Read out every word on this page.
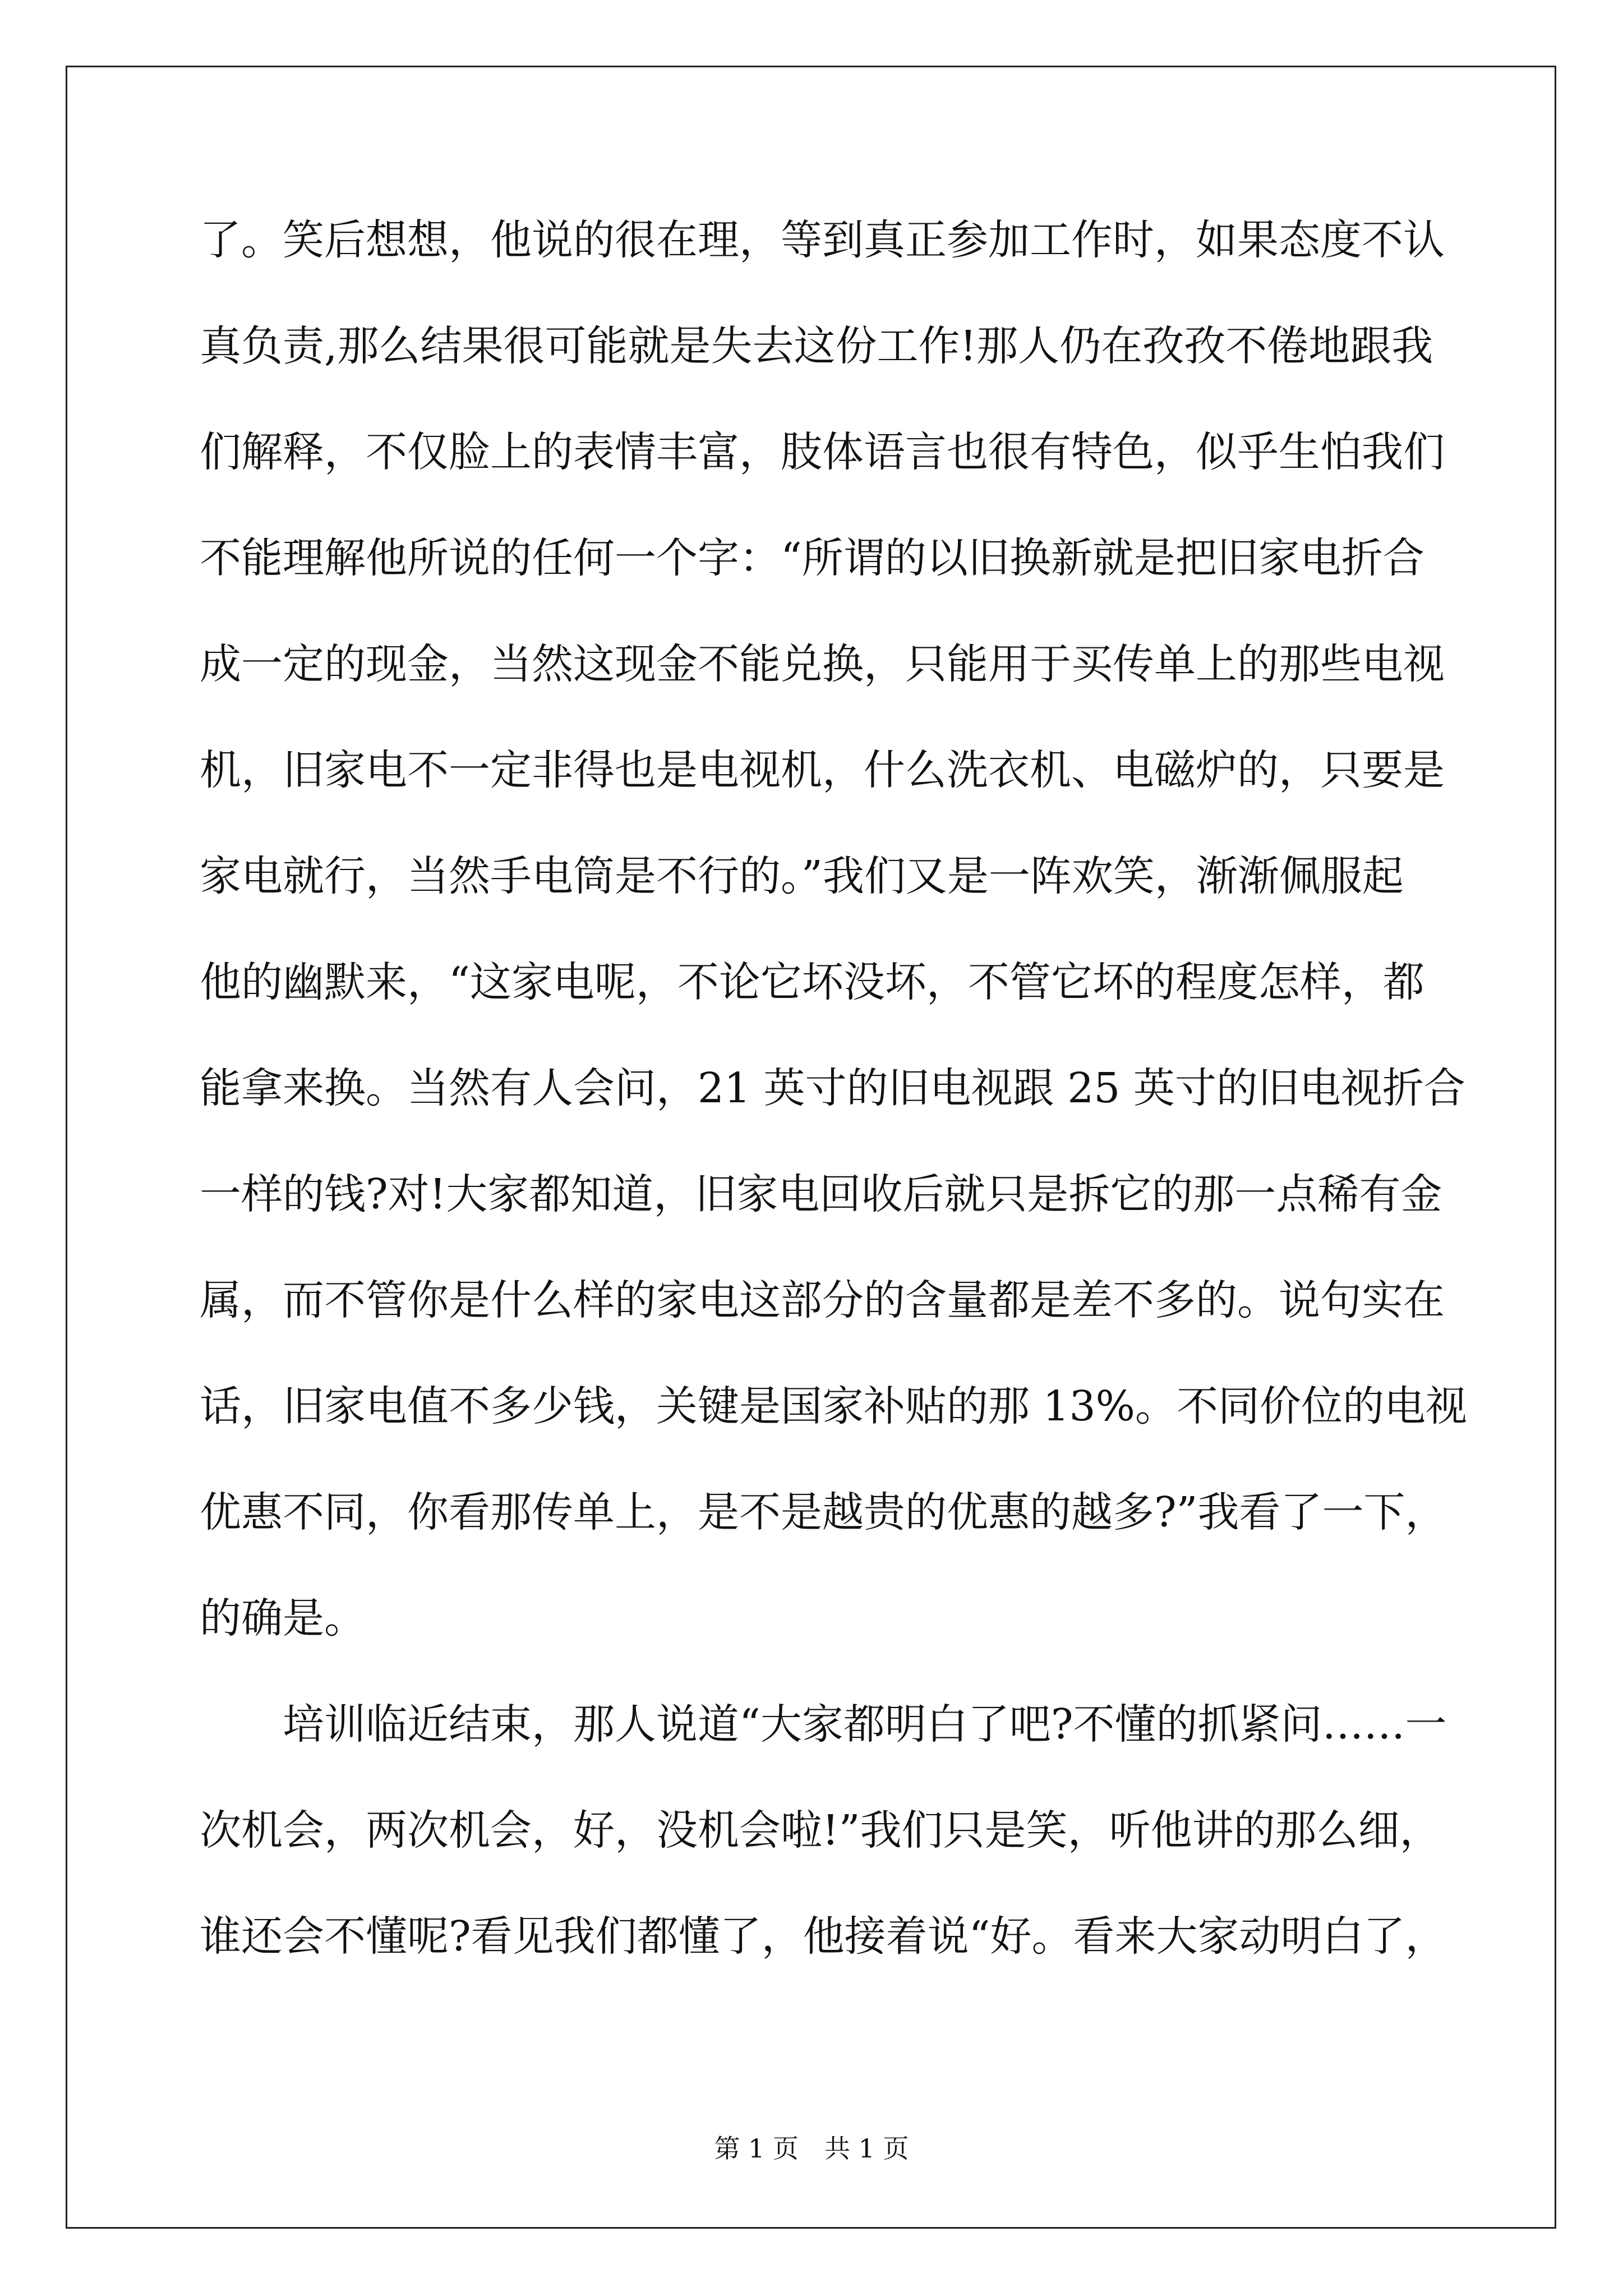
了。笑后想想，他说的很在理，等到真正参加工作时，如果态度不认
真负责,那么结果很可能就是失去这份工作!那人仍在孜孜不倦地跟我
们解释，不仅脸上的表情丰富，肢体语言也很有特色，似乎生怕我们
不能理解他所说的任何一个字：“所谓的以旧换新就是把旧家电折合
成一定的现金，当然这现金不能兑换，只能用于买传单上的那些电视
机，旧家电不一定非得也是电视机，什么洗衣机、电磁炉的，只要是
家电就行，当然手电筒是不行的。”我们又是一阵欢笑，渐渐佩服起
他的幽默来，“这家电呢，不论它坏没坏，不管它坏的程度怎样，都
能拿来换。当然有人会问，21 英寸的旧电视跟 25 英寸的旧电视折合
一样的钱?对!大家都知道，旧家电回收后就只是拆它的那一点稀有金
属，而不管你是什么样的家电这部分的含量都是差不多的。说句实在
话，旧家电值不多少钱，关键是国家补贴的那 13%。不同价位的电视
优惠不同，你看那传单上，是不是越贵的优惠的越多?”我看了一下，
的确是。
　　培训临近结束，那人说道“大家都明白了吧?不懂的抓紧问……一
次机会，两次机会，好，没机会啦!”我们只是笑，听他讲的那么细，
谁还会不懂呢?看见我们都懂了，他接着说“好。看来大家动明白了，
第 1 页　共 1 页
